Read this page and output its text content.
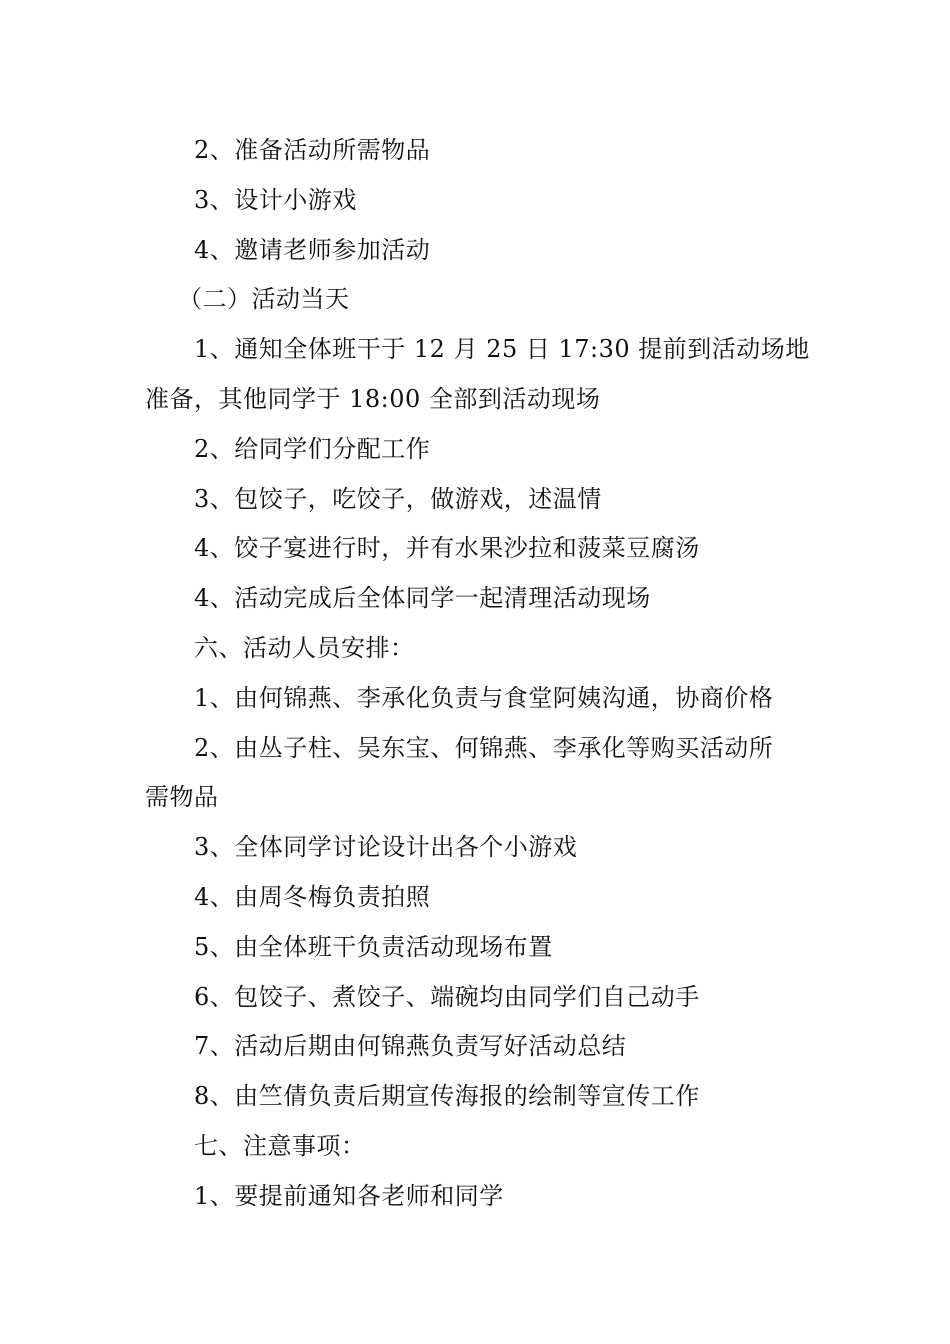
2、准备活动所需物品
3、设计小游戏
4、邀请老师参加活动
（二）活动当天
1、通知全体班干于 12 月 25 日 17:30 提前到活动场地
准备，其他同学于 18:00 全部到活动现场
2、给同学们分配工作
3、包饺子，吃饺子，做游戏，述温情
4、饺子宴进行时，并有水果沙拉和菠菜豆腐汤
4、活动完成后全体同学一起清理活动现场
六、活动人员安排：
1、由何锦燕、李承化负责与食堂阿姨沟通，协商价格
2、由丛子柱、吴东宝、何锦燕、李承化等购买活动所
需物品
3、全体同学讨论设计出各个小游戏
4、由周冬梅负责拍照
5、由全体班干负责活动现场布置
6、包饺子、煮饺子、端碗均由同学们自己动手
7、活动后期由何锦燕负责写好活动总结
8、由竺倩负责后期宣传海报的绘制等宣传工作
七、注意事项：
1、要提前通知各老师和同学
